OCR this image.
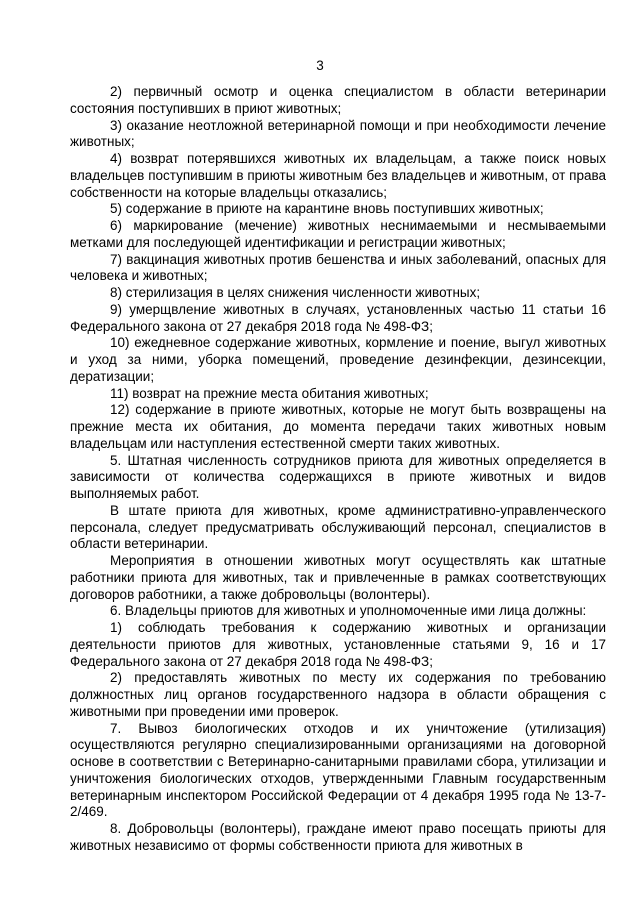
3

2) первичный осмотр и оценка специалистом в области ветеринарии состояния поступивших в приют животных;

3) оказание неотложной ветеринарной помощи и при необходимости лечение животных;

4) возврат потерявшихся животных их владельцам, а также поиск новых владельцев поступившим в приюты животным без владельцев и животным, от права собственности на которые владельцы отказались;

5) содержание в приюте на карантине вновь поступивших животных;

6) маркирование (мечение) животных неснимаемыми и несмываемыми метками для последующей идентификации и регистрации животных;

7) вакцинация животных против бешенства и иных заболеваний, опасных для человека и животных;

8) стерилизация в целях снижения численности животных;

9) умерщвление животных в случаях, установленных частью 11 статьи 16 Федерального закона от 27 декабря 2018 года № 498-ФЗ;

10) ежедневное содержание животных, кормление и поение, выгул животных и уход за ними, уборка помещений, проведение дезинфекции, дезинсекции, дератизации;

11) возврат на прежние места обитания животных;

12) содержание в приюте животных, которые не могут быть возвращены на прежние места их обитания, до момента передачи таких животных новым владельцам или наступления естественной смерти таких животных.

5. Штатная численность сотрудников приюта для животных определяется в зависимости от количества содержащихся в приюте животных и видов выполняемых работ.

В штате приюта для животных, кроме административно-управленческого персонала, следует предусматривать обслуживающий персонал, специалистов в области ветеринарии.

Мероприятия в отношении животных могут осуществлять как штатные работники приюта для животных, так и привлеченные в рамках соответствующих договоров работники, а также добровольцы (волонтеры).

6. Владельцы приютов для животных и уполномоченные ими лица должны:

1) соблюдать требования к содержанию животных и организации деятельности приютов для животных, установленные статьями 9, 16 и 17 Федерального закона от 27 декабря 2018 года № 498-ФЗ;

2) предоставлять животных по месту их содержания по требованию должностных лиц органов государственного надзора в области обращения с животными при проведении ими проверок.

7. Вывоз биологических отходов и их уничтожение (утилизация) осуществляются регулярно специализированными организациями на договорной основе в соответствии с Ветеринарно-санитарными правилами сбора, утилизации и уничтожения биологических отходов, утвержденными Главным государственным ветеринарным инспектором Российской Федерации от 4 декабря 1995 года № 13-7-2/469.

8. Добровольцы (волонтеры), граждане имеют право посещать приюты для животных независимо от формы собственности приюта для животных в
